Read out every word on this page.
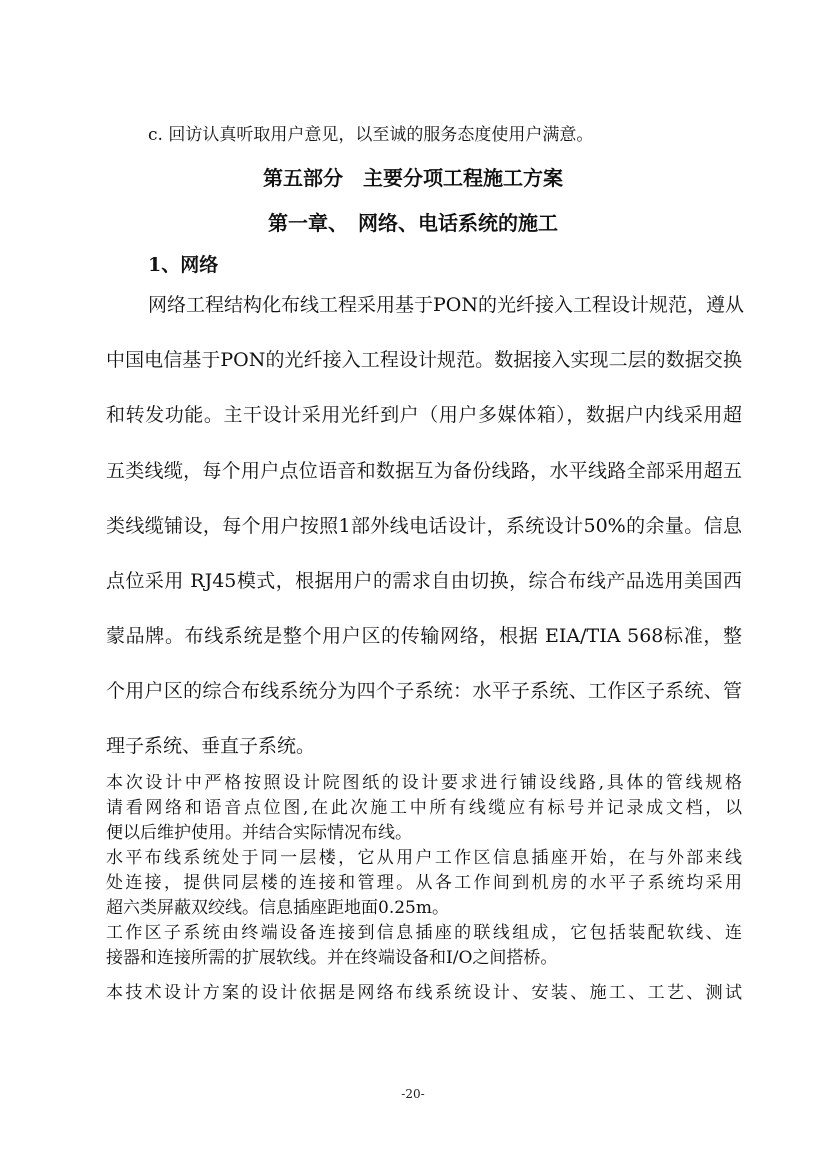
c. 回访认真听取用户意见，以至诚的服务态度使用户满意。
第五部分　主要分项工程施工方案
第一章、　网络、电话系统的施工
1、网络
网络工程结构化布线工程采用基于PON的光纤接入工程设计规范，遵从
中国电信基于PON的光纤接入工程设计规范。数据接入实现二层的数据交换
和转发功能。主干设计采用光纤到户（用户多媒体箱），数据户内线采用超
五类线缆，每个用户点位语音和数据互为备份线路，水平线路全部采用超五
类线缆铺设，每个用户按照1部外线电话设计，系统设计50%的余量。信息
点位采用 RJ45模式，根据用户的需求自由切换，综合布线产品选用美国西
蒙品牌。布线系统是整个用户区的传输网络，根据 EIA/TIA 568标准，整
个用户区的综合布线系统分为四个子系统：水平子系统、工作区子系统、管
理子系统、垂直子系统。
本次设计中严格按照设计院图纸的设计要求进行铺设线路,具体的管线规格
请看网络和语音点位图,在此次施工中所有线缆应有标号并记录成文档，以
便以后维护使用。并结合实际情况布线。
水平布线系统处于同一层楼，它从用户工作区信息插座开始，在与外部来线
处连接，提供同层楼的连接和管理。从各工作间到机房的水平子系统均采用
超六类屏蔽双绞线。信息插座距地面0.25m。
工作区子系统由终端设备连接到信息插座的联线组成，它包括装配软线、连
接器和连接所需的扩展软线。并在终端设备和I/O之间搭桥。
本技术设计方案的设计依据是网络布线系统设计、安装、施工、工艺、测试
-20-
